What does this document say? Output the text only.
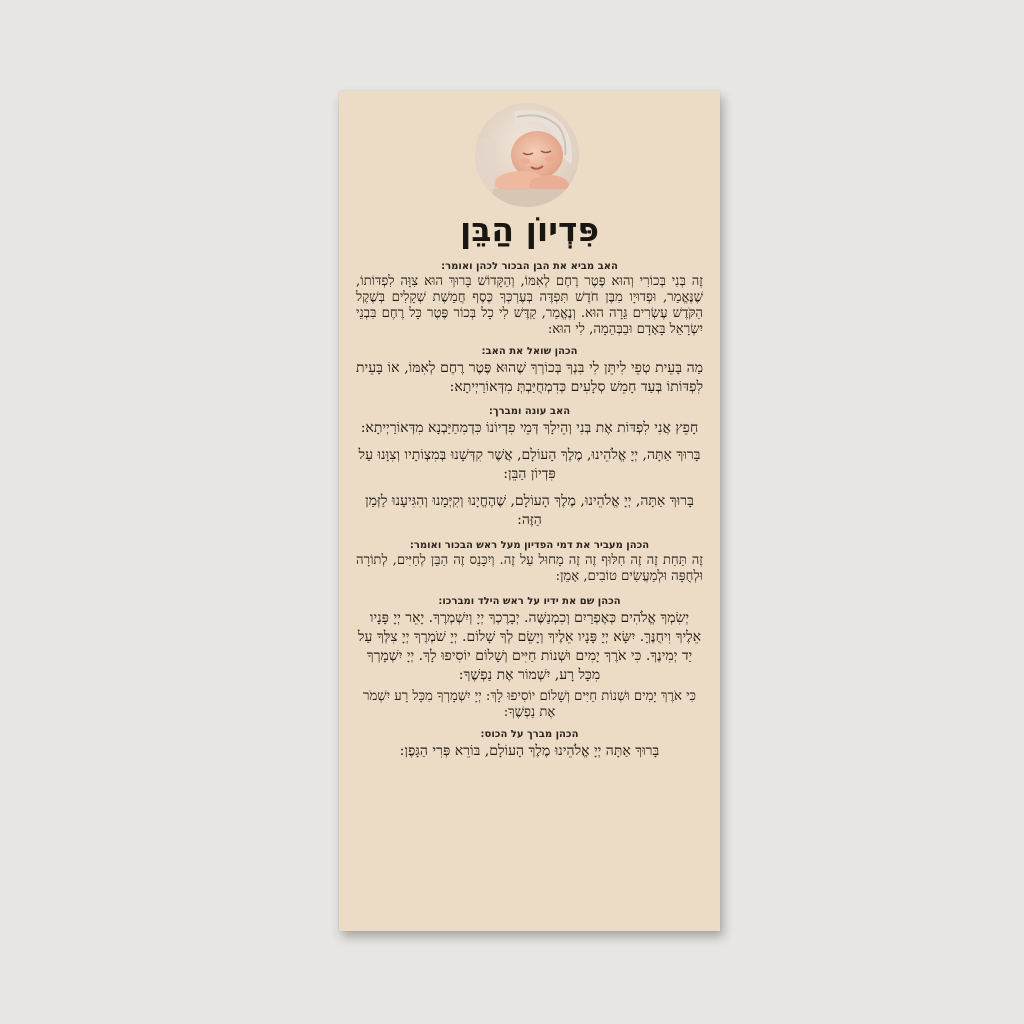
פִּדְיוֹן הַבֵּן
האב מביא את הבן הבכור לכהן ואומר:

זֶה בְּנִי בְּכוֹרִי וְהוּא פֶּטֶר רֶחֶם לְאִמּוֹ, וְהַקָּדוֹשׁ בָּרוּךְ הוּא צִוָּה לִפְדּוֹתוֹ, שֶׁנֶּאֱמַר, וּפְדוּיָו מִבֶּן חֹדֶשׁ תִּפְדֶּה בְּעֶרְכְּךָ כֶּסֶף חֲמֵשֶׁת שְׁקָלִים בְּשֶׁקֶל הַקֹּדֶשׁ עֶשְׂרִים גֵּרָה הוּא. וְנֶאֱמַר, קַדֶּשׁ לִי כָל בְּכוֹר פֶּטֶר כָּל רֶחֶם בִּבְנֵי יִשְׂרָאֵל בָּאָדָם וּבַבְּהֵמָה, לִי הוּא:

הכהן שואל את האב:

מַה בָּעֵית טְפֵי לִיתֵּן לִי בִּנְךָ בְּכוֹרְךָ שֶׁהוּא פֶּטֶר רֶחֶם לְאִמּוֹ, אוֹ בָּעֵית לִפְדּוֹתוֹ בְּעַד חָמֵשׁ סְלָעִים כְּדִמְחֻיַּבְתְּ מִדְּאוֹרַיְיתָא:

האב עונה ומברך:

חָפֵץ אֲנִי לִפְדּוֹת אֶת בְּנִי וְהֵילָךְ דְּמֵי פִדְיוֹנוֹ כִּדְמִחַיַּבְנָא מִדְּאוֹרַיְיתָא:

בָּרוּךְ אַתָּה, יְיָ אֱלֹהֵינוּ, מֶלֶךְ הָעוֹלָם, אֲשֶׁר קִדְּשָׁנוּ בְּמִצְוֹתָיו וְצִוָּנוּ עַל פִּדְיוֹן הַבֵּן:

בָּרוּךְ אַתָּה, יְיָ אֱלֹהֵינוּ, מֶלֶךְ הָעוֹלָם, שֶׁהֶחֱיָנוּ וְקִיְּמָנוּ וְהִגִּיעָנוּ לַזְּמַן הַזֶּה:

הכהן מעביר את דמי הפדיון מעל ראש הבכור ואומר:

זֶה תַּחַת זֶה זֶה חִלּוּף זֶה זֶה מָחוּל עַל זֶה. וְיִכָּנֵס זֶה הַבֵּן לְחַיִּים, לְתוֹרָה וּלְחֻפָּה וּלְמַעֲשִׂים טוֹבִים, אָמֵן:

הכהן שם את ידיו על ראש הילד ומברכו:

יְשִׂמְךָ אֱלֹהִים כְּאֶפְרַיִם וְכִמְנַשֶּׁה. יְבָרֶכְךָ יְיָ וְיִשְׁמְרֶךָ. יָאֵר יְיָ פָּנָיו אֵלֶיךָ וִיחֻנֶּךָּ. יִשָּׂא יְיָ פָּנָיו אֵלֶיךָ וְיָשֵׂם לְךָ שָׁלוֹם. יְיָ שֹׁמְרֶךָ יְיָ צִלְּךָ עַל יַד יְמִינֶךָ. כִּי אֹרֶךְ יָמִים וּשְׁנוֹת חַיִּים וְשָׁלוֹם יוֹסִיפוּ לָךְ. יְיָ יִשְׁמָרְךָ מִכָּל רָע, יִשְׁמוֹר אֶת נַפְשֶׁךָ:

כִּי אֹרֶךְ יָמִים וּשְׁנוֹת חַיִּים וְשָׁלוֹם יוֹסִיפוּ לָךְ: יְיָ יִשְׁמָרְךָ מִכָּל רָע יִשְׁמֹר אֶת נַפְשֶׁךָ:

הכהן מברך על הכוס:

בָּרוּךְ אַתָּה יְיָ אֱלֹהֵינוּ מֶלֶךְ הָעוֹלָם, בּוֹרֵא פְּרִי הַגָּפֶן:
